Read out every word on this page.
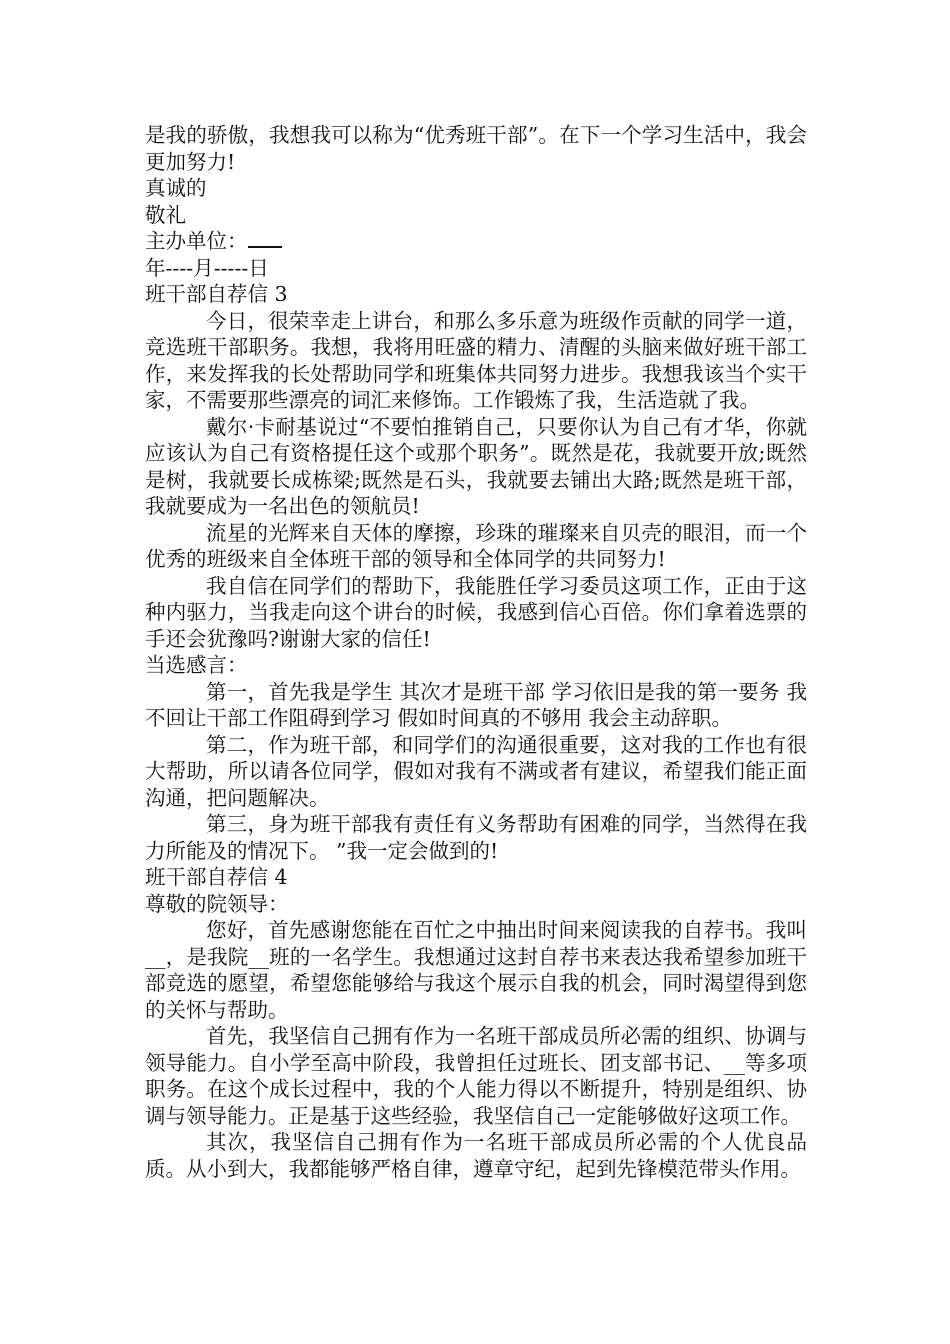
是我的骄傲，我想我可以称为“优秀班干部”。在下一个学习生活中，我会更加努力!

真诚的

敬礼

主办单位：

年----月-----日

班干部自荐信 3

今日，很荣幸走上讲台，和那么多乐意为班级作贡献的同学一道，竞选班干部职务。我想，我将用旺盛的精力、清醒的头脑来做好班干部工作，来发挥我的长处帮助同学和班集体共同努力进步。我想我该当个实干家，不需要那些漂亮的词汇来修饰。工作锻炼了我，生活造就了我。

戴尔·卡耐基说过“不要怕推销自己，只要你认为自己有才华，你就应该认为自己有资格提任这个或那个职务”。既然是花，我就要开放;既然是树，我就要长成栋梁;既然是石头，我就要去铺出大路;既然是班干部，我就要成为一名出色的领航员!

流星的光辉来自天体的摩擦，珍珠的璀璨来自贝壳的眼泪，而一个优秀的班级来自全体班干部的领导和全体同学的共同努力!

我自信在同学们的帮助下，我能胜任学习委员这项工作，正由于这种内驱力，当我走向这个讲台的时候，我感到信心百倍。你们拿着选票的手还会犹豫吗?谢谢大家的信任!

当选感言：

第一，首先我是学生 其次才是班干部 学习依旧是我的第一要务 我不回让干部工作阻碍到学习 假如时间真的不够用 我会主动辞职。

第二，作为班干部，和同学们的沟通很重要，这对我的工作也有很大帮助，所以请各位同学，假如对我有不满或者有建议，希望我们能正面沟通，把问题解决。

第三，身为班干部我有责任有义务帮助有困难的同学，当然得在我力所能及的情况下。 ”我一定会做到的!

班干部自荐信 4

尊敬的院领导：

您好，首先感谢您能在百忙之中抽出时间来阅读我的自荐书。我叫__，是我院__班的一名学生。我想通过这封自荐书来表达我希望参加班干部竞选的愿望，希望您能够给与我这个展示自我的机会，同时渴望得到您的关怀与帮助。

首先，我坚信自己拥有作为一名班干部成员所必需的组织、协调与领导能力。自小学至高中阶段，我曾担任过班长、团支部书记、__等多项职务。在这个成长过程中，我的个人能力得以不断提升，特别是组织、协调与领导能力。正是基于这些经验，我坚信自己一定能够做好这项工作。

其次，我坚信自己拥有作为一名班干部成员所必需的个人优良品质。从小到大，我都能够严格自律，遵章守纪，起到先锋模范带头作用。
